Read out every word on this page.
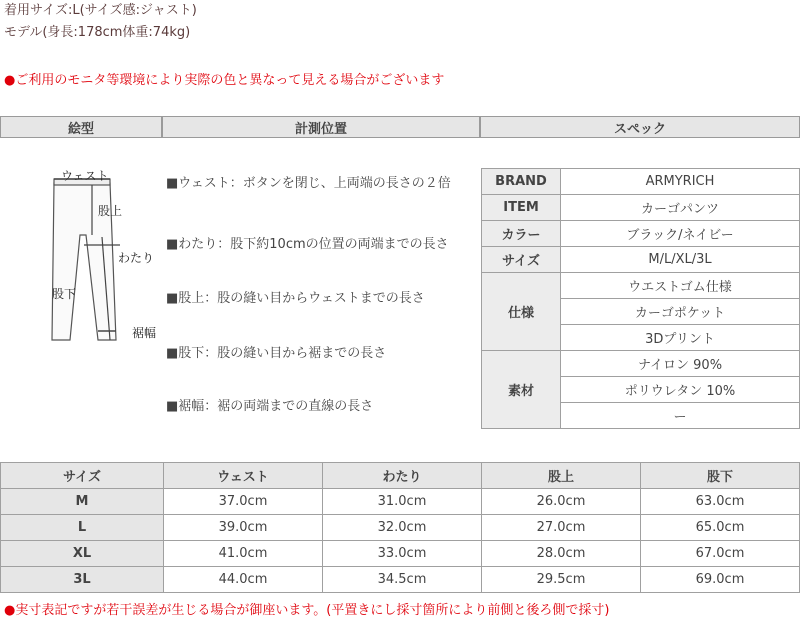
着用サイズ:L(サイズ感:ジャスト)
モデル(身長:178cm体重:74kg)
●ご利用のモニタ等環境により実際の色と異なって見える場合がございます
絵型	計測位置	スペック
ウェスト
股上
わたり
股下
裾幅
■ウェスト：ボタンを閉じ、上両端の長さの２倍
■わたり：股下約10cmの位置の両端までの長さ
■股上：股の縫い目からウェストまでの長さ
■股下：股の縫い目から裾までの長さ
■裾幅：裾の両端までの直線の長さ
BRAND	ARMYRICH
ITEM	カーゴパンツ
カラー	ブラック/ネイビー
サイズ	M/L/XL/3L
仕様	ウエストゴム仕様
	カーゴポケット
	3Dプリント
素材	ナイロン 90%
	ポリウレタン 10%
	ー
サイズ	ウェスト	わたり	股上	股下
M	37.0cm	31.0cm	26.0cm	63.0cm
L	39.0cm	32.0cm	27.0cm	65.0cm
XL	41.0cm	33.0cm	28.0cm	67.0cm
3L	44.0cm	34.5cm	29.5cm	69.0cm
●実寸表記ですが若干誤差が生じる場合が御座います。(平置きにし採寸箇所により前側と後ろ側で採寸)
